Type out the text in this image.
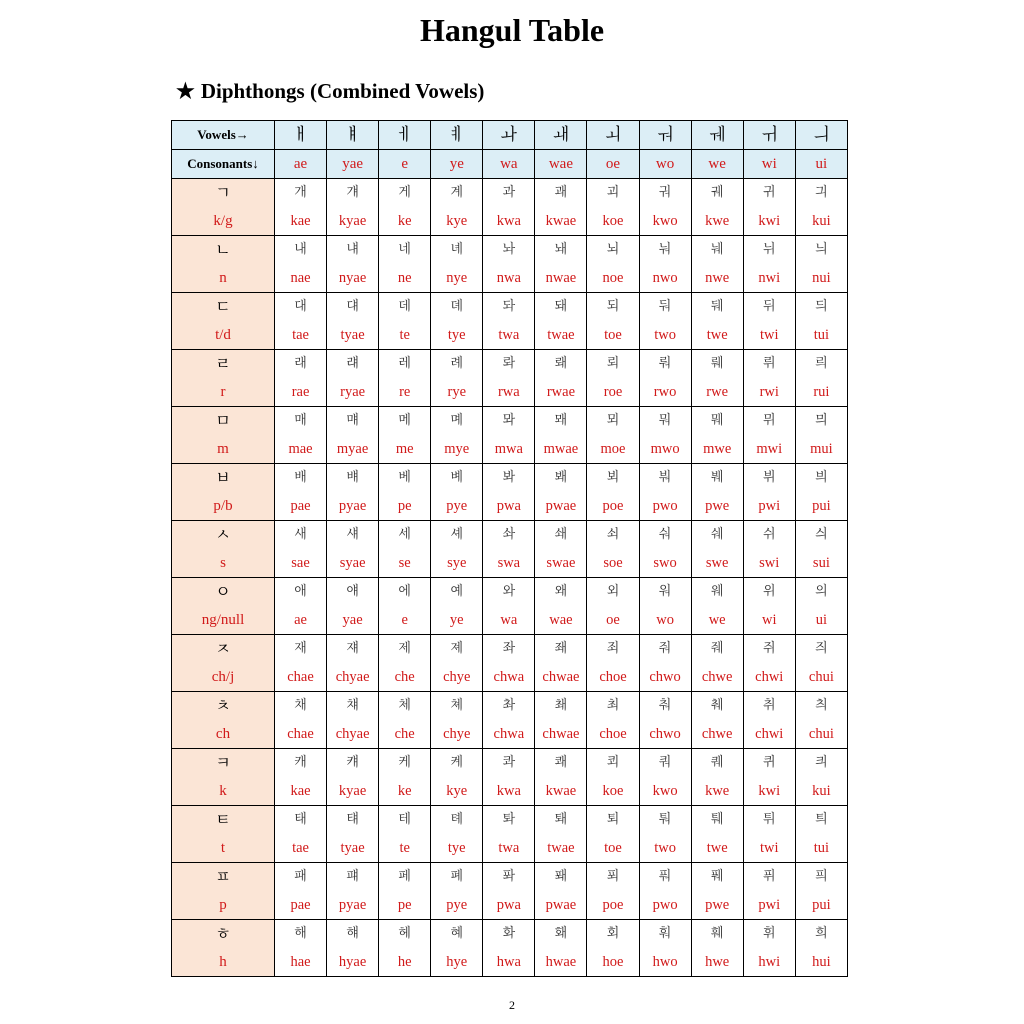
Hangul Table
★ Diphthongs (Combined Vowels)
Vowels→	ㅐ	ㅒ	ㅔ	ㅖ	ㅘ	ㅙ	ㅚ	ㅝ	ㅞ	ㅟ	ㅢ
Consonants↓	ae	yae	e	ye	wa	wae	oe	wo	we	wi	ui
ㄱ	개	걔	게	계	과	괘	괴	궈	궤	귀	긔
k/g	kae	kyae	ke	kye	kwa	kwae	koe	kwo	kwe	kwi	kui
ㄴ	내	냬	네	녜	놔	놰	뇌	눠	눼	뉘	늬
n	nae	nyae	ne	nye	nwa	nwae	noe	nwo	nwe	nwi	nui
ㄷ	대	댸	데	뎨	돠	돼	되	둬	뒈	뒤	듸
t/d	tae	tyae	te	tye	twa	twae	toe	two	twe	twi	tui
ㄹ	래	럐	레	례	롸	뢔	뢰	뤄	뤠	뤼	릐
r	rae	ryae	re	rye	rwa	rwae	roe	rwo	rwe	rwi	rui
ㅁ	매	먜	메	몌	뫄	뫠	뫼	뭐	뭬	뮈	믜
m	mae	myae	me	mye	mwa	mwae	moe	mwo	mwe	mwi	mui
ㅂ	배	뱨	베	볘	봐	봬	뵈	붜	붸	뷔	븨
p/b	pae	pyae	pe	pye	pwa	pwae	poe	pwo	pwe	pwi	pui
ㅅ	새	섀	세	셰	솨	쇄	쇠	숴	쉐	쉬	싀
s	sae	syae	se	sye	swa	swae	soe	swo	swe	swi	sui
ㅇ	애	얘	에	예	와	왜	외	워	웨	위	의
ng/null	ae	yae	e	ye	wa	wae	oe	wo	we	wi	ui
ㅈ	재	쟤	제	졔	좌	좨	죄	줘	줴	쥐	즤
ch/j	chae	chyae	che	chye	chwa	chwae	choe	chwo	chwe	chwi	chui
ㅊ	채	챼	체	쳬	촤	쵀	최	춰	췌	취	츼
ch	chae	chyae	che	chye	chwa	chwae	choe	chwo	chwe	chwi	chui
ㅋ	캐	컈	케	켸	콰	쾌	쾨	쿼	퀘	퀴	킈
k	kae	kyae	ke	kye	kwa	kwae	koe	kwo	kwe	kwi	kui
ㅌ	태	턔	테	톄	톼	퇘	퇴	퉈	퉤	튀	틔
t	tae	tyae	te	tye	twa	twae	toe	two	twe	twi	tui
ㅍ	패	퍠	페	폐	퐈	퐤	푀	풔	풰	퓌	픠
p	pae	pyae	pe	pye	pwa	pwae	poe	pwo	pwe	pwi	pui
ㅎ	해	햬	헤	혜	화	홰	회	훠	훼	휘	희
h	hae	hyae	he	hye	hwa	hwae	hoe	hwo	hwe	hwi	hui
2
